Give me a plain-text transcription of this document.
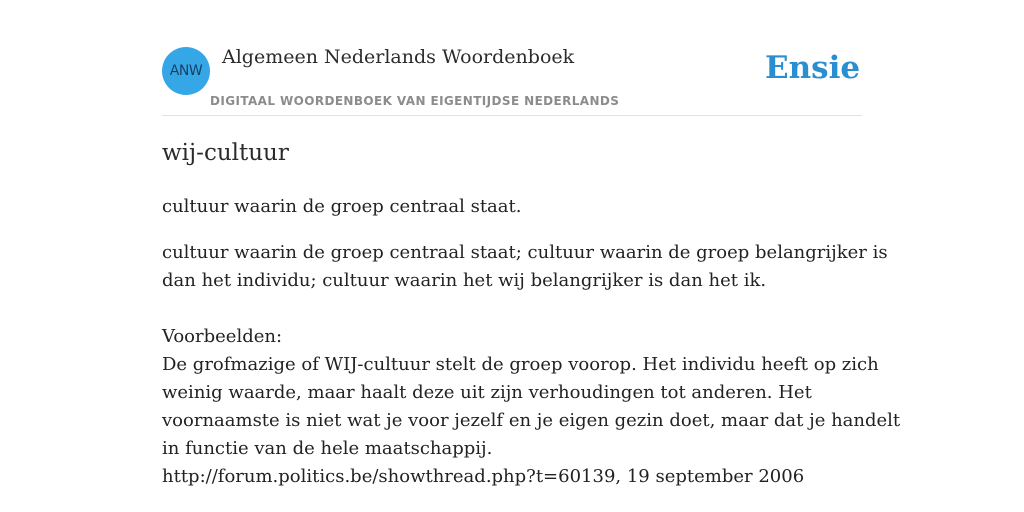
ANW
Algemeen Nederlands Woordenboek
DIGITAAL WOORDENBOEK VAN EIGENTIJDSE NEDERLANDS
Ensie
wij-cultuur

cultuur waarin de groep centraal staat.

cultuur waarin de groep centraal staat; cultuur waarin de groep belangrijker is
dan het individu; cultuur waarin het wij belangrijker is dan het ik.
Voorbeelden:
De grofmazige of WIJ-cultuur stelt de groep voorop. Het individu heeft op zich
weinig waarde, maar haalt deze uit zijn verhoudingen tot anderen. Het
voornaamste is niet wat je voor jezelf en je eigen gezin doet, maar dat je handelt
in functie van de hele maatschappij.
http://forum.politics.be/showthread.php?t=60139, 19 september 2006
